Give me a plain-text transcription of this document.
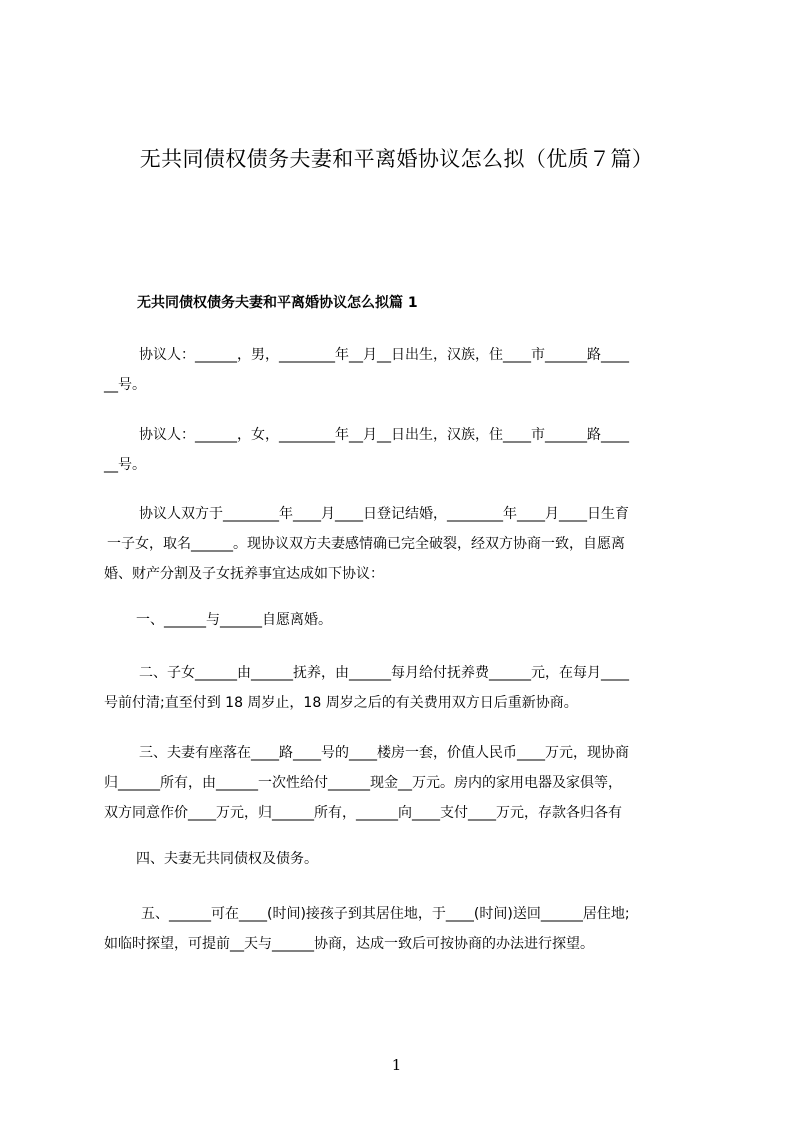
无共同债权债务夫妻和平离婚协议怎么拟（优质７篇）
无共同债权债务夫妻和平离婚协议怎么拟篇 1
协议人：______，男，________年__月__日出生，汉族，住____市______路____
__号。
协议人：______，女，________年__月__日出生，汉族，住____市______路____
__号。
协议人双方于________年____月____日登记结婚，________年____月____日生育
一子女，取名______。现协议双方夫妻感情确已完全破裂，经双方协商一致，自愿离
婚、财产分割及子女抚养事宜达成如下协议：
一、______与______自愿离婚。
二、子女______由______抚养，由______每月给付抚养费______元，在每月____
号前付清;直至付到 18 周岁止，18 周岁之后的有关费用双方日后重新协商。
三、夫妻有座落在____路____号的____楼房一套，价值人民币____万元，现协商
归______所有，由______一次性给付______现金__万元。房内的家用电器及家俱等，
双方同意作价____万元，归______所有，______向____支付____万元，存款各归各有
四、夫妻无共同债权及债务。
五、______可在____(时间)接孩子到其居住地，于____(时间)送回______居住地;
如临时探望，可提前__天与______协商，达成一致后可按协商的办法进行探望。
1
